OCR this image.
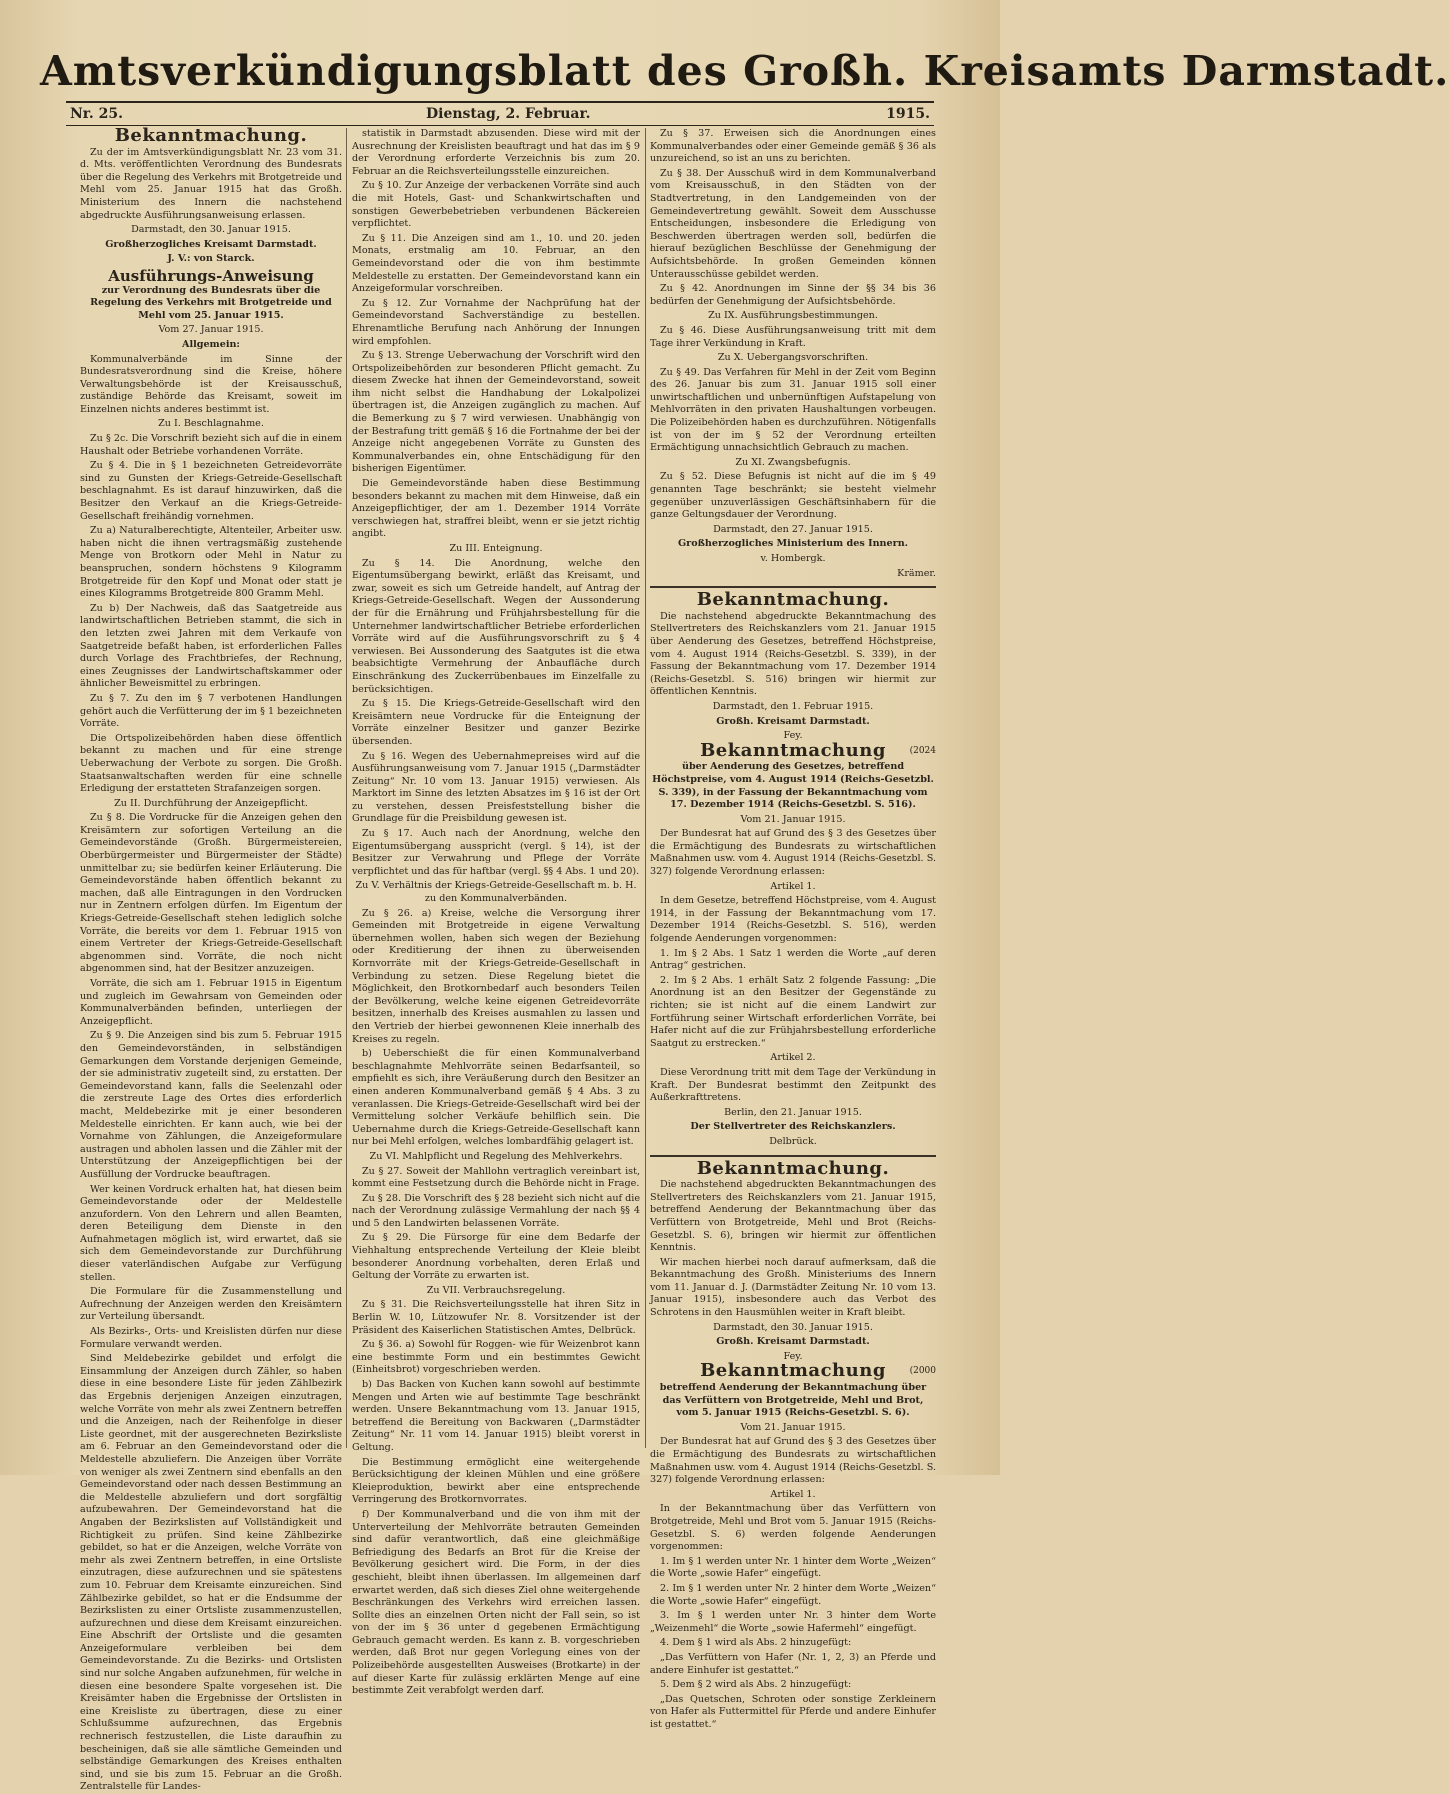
Amtsverkündigungsblatt des Großh. Kreisamts Darmstadt.
Nr. 25.	Dienstag, 2. Februar.	1915.
Bekanntmachung.

Zu der im Amtsverkündigungsblatt Nr. 23 vom 31. d. Mts. veröffentlichten Verordnung des Bundesrats über die Regelung des Verkehrs mit Brotgetreide und Mehl vom 25. Januar 1915 hat das Großh. Ministerium des Innern die nachstehend abgedruckte Ausführungsanweisung erlassen.

Darmstadt, den 30. Januar 1915.
Großherzogliches Kreisamt Darmstadt.
J. V.: von Starck.
Ausführungs-Anweisung
zur Verordnung des Bundesrats über die Regelung des Verkehrs mit Brotgetreide und Mehl vom 25. Januar 1915.
Vom 27. Januar 1915.
Allgemein:

Kommunalverbände im Sinne der Bundesratsverordnung sind die Kreise, höhere Verwaltungsbehörde ist der Kreisausschuß, zuständige Behörde das Kreisamt, soweit im Einzelnen nichts anderes bestimmt ist.

Zu I. Beschlagnahme.

Zu § 2c. Die Vorschrift bezieht sich auf die in einem Haushalt oder Betriebe vorhandenen Vorräte.

Zu § 4. Die in § 1 bezeichneten Getreidevorräte sind zu Gunsten der Kriegs-Getreide-Gesellschaft beschlagnahmt. Es ist darauf hinzuwirken, daß die Besitzer den Verkauf an die Kriegs-Getreide-Gesellschaft freihändig vornehmen.

Zu a) Naturalberechtigte, Altenteiler, Arbeiter usw. haben nicht die ihnen vertragsmäßig zustehende Menge von Brotkorn oder Mehl in Natur zu beanspruchen, sondern höchstens 9 Kilogramm Brotgetreide für den Kopf und Monat oder statt je eines Kilogramms Brotgetreide 800 Gramm Mehl.

Zu b) Der Nachweis, daß das Saatgetreide aus landwirtschaftlichen Betrieben stammt, die sich in den letzten zwei Jahren mit dem Verkaufe von Saatgetreide befaßt haben, ist erforderlichen Falles durch Vorlage des Frachtbriefes, der Rechnung, eines Zeugnisses der Landwirtschaftskammer oder ähnlicher Beweismittel zu erbringen.

Zu § 7. Zu den im § 7 verbotenen Handlungen gehört auch die Verfütterung der im § 1 bezeichneten Vorräte.

Die Ortspolizeibehörden haben diese öffentlich bekannt zu machen und für eine strenge Ueberwachung der Verbote zu sorgen. Die Großh. Staatsanwaltschaften werden für eine schnelle Erledigung der erstatteten Strafanzeigen sorgen.

Zu II. Durchführung der Anzeigepflicht.

Zu § 8. Die Vordrucke für die Anzeigen gehen den Kreisämtern zur sofortigen Verteilung an die Gemeindevorstände (Großh. Bürgermeistereien, Oberbürgermeister und Bürgermeister der Städte) unmittelbar zu; sie bedürfen keiner Erläuterung. Die Gemeindevorstände haben öffentlich bekannt zu machen, daß alle Eintragungen in den Vordrucken nur in Zentnern erfolgen dürfen. Im Eigentum der Kriegs-Getreide-Gesellschaft stehen lediglich solche Vorräte, die bereits vor dem 1. Februar 1915 von einem Vertreter der Kriegs-Getreide-Gesellschaft abgenommen sind. Vorräte, die noch nicht abgenommen sind, hat der Besitzer anzuzeigen.

Vorräte, die sich am 1. Februar 1915 in Eigentum und zugleich im Gewahrsam von Gemeinden oder Kommunalverbänden befinden, unterliegen der Anzeigepflicht.

Zu § 9. Die Anzeigen sind bis zum 5. Februar 1915 den Gemeindevorständen, in selbständigen Gemarkungen dem Vorstande derjenigen Gemeinde, der sie administrativ zugeteilt sind, zu erstatten. Der Gemeindevorstand kann, falls die Seelenzahl oder die zerstreute Lage des Ortes dies erforderlich macht, Meldebezirke mit je einer besonderen Meldestelle einrichten. Er kann auch, wie bei der Vornahme von Zählungen, die Anzeigeformulare austragen und abholen lassen und die Zähler mit der Unterstützung der Anzeigepflichtigen bei der Ausfüllung der Vordrucke beauftragen.

Wer keinen Vordruck erhalten hat, hat diesen beim Gemeindevorstande oder der Meldestelle anzufordern. Von den Lehrern und allen Beamten, deren Beteiligung dem Dienste in den Aufnahmetagen möglich ist, wird erwartet, daß sie sich dem Gemeindevorstande zur Durchführung dieser vaterländischen Aufgabe zur Verfügung stellen.

Die Formulare für die Zusammenstellung und Aufrechnung der Anzeigen werden den Kreisämtern zur Verteilung übersandt.

Als Bezirks-, Orts- und Kreislisten dürfen nur diese Formulare verwandt werden.

Sind Meldebezirke gebildet und erfolgt die Einsammlung der Anzeigen durch Zähler, so haben diese in eine besondere Liste für jeden Zählbezirk das Ergebnis derjenigen Anzeigen einzutragen, welche Vorräte von mehr als zwei Zentnern betreffen und die Anzeigen, nach der Reihenfolge in dieser Liste geordnet, mit der ausgerechneten Bezirksliste am 6. Februar an den Gemeindevorstand oder die Meldestelle abzuliefern. Die Anzeigen über Vorräte von weniger als zwei Zentnern sind ebenfalls an den Gemeindevorstand oder nach dessen Bestimmung an die Meldestelle abzuliefern und dort sorgfältig aufzubewahren. Der Gemeindevorstand hat die Angaben der Bezirkslisten auf Vollständigkeit und Richtigkeit zu prüfen. Sind keine Zählbezirke gebildet, so hat er die Anzeigen, welche Vorräte von mehr als zwei Zentnern betreffen, in eine Ortsliste einzutragen, diese aufzurechnen und sie spätestens zum 10. Februar dem Kreisamte einzureichen. Sind Zählbezirke gebildet, so hat er die Endsumme der Bezirkslisten zu einer Ortsliste zusammenzustellen, aufzurechnen und diese dem Kreisamt einzureichen. Eine Abschrift der Ortsliste und die gesamten Anzeigeformulare verbleiben bei dem Gemeindevorstande. Zu die Bezirks- und Ortslisten sind nur solche Angaben aufzunehmen, für welche in diesen eine besondere Spalte vorgesehen ist. Die Kreisämter haben die Ergebnisse der Ortslisten in eine Kreisliste zu übertragen, diese zu einer Schlußsumme aufzurechnen, das Ergebnis rechnerisch festzustellen, die Liste daraufhin zu bescheinigen, daß sie alle sämtliche Gemeinden und selbständige Gemarkungen des Kreises enthalten sind, und sie bis zum 15. Februar an die Großh. Zentralstelle für Landes-

statistik in Darmstadt abzusenden. Diese wird mit der Ausrechnung der Kreislisten beauftragt und hat das im § 9 der Verordnung erforderte Verzeichnis bis zum 20. Februar an die Reichsverteilungsstelle einzureichen.

Zu § 10. Zur Anzeige der verbackenen Vorräte sind auch die mit Hotels, Gast- und Schankwirtschaften und sonstigen Gewerbebetrieben verbundenen Bäckereien verpflichtet.

Zu § 11. Die Anzeigen sind am 1., 10. und 20. jeden Monats, erstmalig am 10. Februar, an den Gemeindevorstand oder die von ihm bestimmte Meldestelle zu erstatten. Der Gemeindevorstand kann ein Anzeigeformular vorschreiben.

Zu § 12. Zur Vornahme der Nachprüfung hat der Gemeindevorstand Sachverständige zu bestellen. Ehrenamtliche Berufung nach Anhörung der Innungen wird empfohlen.

Zu § 13. Strenge Ueberwachung der Vorschrift wird den Ortspolizeibehörden zur besonderen Pflicht gemacht. Zu diesem Zwecke hat ihnen der Gemeindevorstand, soweit ihm nicht selbst die Handhabung der Lokalpolizei übertragen ist, die Anzeigen zugänglich zu machen. Auf die Bemerkung zu § 7 wird verwiesen. Unabhängig von der Bestrafung tritt gemäß § 16 die Fortnahme der bei der Anzeige nicht angegebenen Vorräte zu Gunsten des Kommunalverbandes ein, ohne Entschädigung für den bisherigen Eigentümer.

Die Gemeindevorstände haben diese Bestimmung besonders bekannt zu machen mit dem Hinweise, daß ein Anzeigepflichtiger, der am 1. Dezember 1914 Vorräte verschwiegen hat, straffrei bleibt, wenn er sie jetzt richtig angibt.

Zu III. Enteignung.

Zu § 14. Die Anordnung, welche den Eigentumsübergang bewirkt, erläßt das Kreisamt, und zwar, soweit es sich um Getreide handelt, auf Antrag der Kriegs-Getreide-Gesellschaft. Wegen der Aussonderung der für die Ernährung und Frühjahrsbestellung für die Unternehmer landwirtschaftlicher Betriebe erforderlichen Vorräte wird auf die Ausführungsvorschrift zu § 4 verwiesen. Bei Aussonderung des Saatgutes ist die etwa beabsichtigte Vermehrung der Anbaufläche durch Einschränkung des Zuckerrübenbaues im Einzelfalle zu berücksichtigen.

Zu § 15. Die Kriegs-Getreide-Gesellschaft wird den Kreisämtern neue Vordrucke für die Enteignung der Vorräte einzelner Besitzer und ganzer Bezirke übersenden.

Zu § 16. Wegen des Uebernahmepreises wird auf die Ausführungsanweisung vom 7. Januar 1915 („Darmstädter Zeitung“ Nr. 10 vom 13. Januar 1915) verwiesen. Als Marktort im Sinne des letzten Absatzes im § 16 ist der Ort zu verstehen, dessen Preisfeststellung bisher die Grundlage für die Preisbildung gewesen ist.

Zu § 17. Auch nach der Anordnung, welche den Eigentumsübergang ausspricht (vergl. § 14), ist der Besitzer zur Verwahrung und Pflege der Vorräte verpflichtet und das für haftbar (vergl. §§ 4 Abs. 1 und 20).

Zu V. Verhältnis der Kriegs-Getreide-Gesellschaft m. b. H. zu den Kommunalverbänden.

Zu § 26. a) Kreise, welche die Versorgung ihrer Gemeinden mit Brotgetreide in eigene Verwaltung übernehmen wollen, haben sich wegen der Beziehung oder Kreditierung der ihnen zu überweisenden Kornvorräte mit der Kriegs-Getreide-Gesellschaft in Verbindung zu setzen. Diese Regelung bietet die Möglichkeit, den Brotkornbedarf auch besonders Teilen der Bevölkerung, welche keine eigenen Getreidevorräte besitzen, innerhalb des Kreises ausmahlen zu lassen und den Vertrieb der hierbei gewonnenen Kleie innerhalb des Kreises zu regeln.

b) Ueberschießt die für einen Kommunalverband beschlagnahmte Mehlvorräte seinen Bedarfsanteil, so empfiehlt es sich, ihre Veräußerung durch den Besitzer an einen anderen Kommunalverband gemäß § 4 Abs. 3 zu veranlassen. Die Kriegs-Getreide-Gesellschaft wird bei der Vermittelung solcher Verkäufe behilflich sein. Die Uebernahme durch die Kriegs-Getreide-Gesellschaft kann nur bei Mehl erfolgen, welches lombardfähig gelagert ist.

Zu VI. Mahlpflicht und Regelung des Mehlverkehrs.

Zu § 27. Soweit der Mahllohn vertraglich vereinbart ist, kommt eine Festsetzung durch die Behörde nicht in Frage.

Zu § 28. Die Vorschrift des § 28 bezieht sich nicht auf die nach der Verordnung zulässige Vermahlung der nach §§ 4 und 5 den Landwirten belassenen Vorräte.

Zu § 29. Die Fürsorge für eine dem Bedarfe der Viehhaltung entsprechende Verteilung der Kleie bleibt besonderer Anordnung vorbehalten, deren Erlaß und Geltung der Vorräte zu erwarten ist.

Zu VII. Verbrauchsregelung.

Zu § 31. Die Reichsverteilungsstelle hat ihren Sitz in Berlin W. 10, Lützowufer Nr. 8. Vorsitzender ist der Präsident des Kaiserlichen Statistischen Amtes, Delbrück.

Zu § 36. a) Sowohl für Roggen- wie für Weizenbrot kann eine bestimmte Form und ein bestimmtes Gewicht (Einheitsbrot) vorgeschrieben werden.

b) Das Backen von Kuchen kann sowohl auf bestimmte Mengen und Arten wie auf bestimmte Tage beschränkt werden. Unsere Bekanntmachung vom 13. Januar 1915, betreffend die Bereitung von Backwaren („Darmstädter Zeitung“ Nr. 11 vom 14. Januar 1915) bleibt vorerst in Geltung.

Die Bestimmung ermöglicht eine weitergehende Berücksichtigung der kleinen Mühlen und eine größere Kleieproduktion, bewirkt aber eine entsprechende Verringerung des Brotkornvorrates.

f) Der Kommunalverband und die von ihm mit der Unterverteilung der Mehlvorräte betrauten Gemeinden sind dafür verantwortlich, daß eine gleichmäßige Befriedigung des Bedarfs an Brot für die Kreise der Bevölkerung gesichert wird. Die Form, in der dies geschieht, bleibt ihnen überlassen. Im allgemeinen darf erwartet werden, daß sich dieses Ziel ohne weitergehende Beschränkungen des Verkehrs wird erreichen lassen. Sollte dies an einzelnen Orten nicht der Fall sein, so ist von der im § 36 unter d gegebenen Ermächtigung Gebrauch gemacht werden. Es kann z. B. vorgeschrieben werden, daß Brot nur gegen Vorlegung eines von der Polizeibehörde ausgestellten Ausweises (Brotkarte) in der auf dieser Karte für zulässig erklärten Menge auf eine bestimmte Zeit verabfolgt werden darf.

Zu § 37. Erweisen sich die Anordnungen eines Kommunalverbandes oder einer Gemeinde gemäß § 36 als unzureichend, so ist an uns zu berichten.

Zu § 38. Der Ausschuß wird in dem Kommunalverband vom Kreisausschuß, in den Städten von der Stadtvertretung, in den Landgemeinden von der Gemeindevertretung gewählt. Soweit dem Ausschusse Entscheidungen, insbesondere die Erledigung von Beschwerden übertragen werden soll, bedürfen die hierauf bezüglichen Beschlüsse der Genehmigung der Aufsichtsbehörde. In großen Gemeinden können Unterausschüsse gebildet werden.

Zu § 42. Anordnungen im Sinne der §§ 34 bis 36 bedürfen der Genehmigung der Aufsichtsbehörde.

Zu IX. Ausführungsbestimmungen.

Zu § 46. Diese Ausführungsanweisung tritt mit dem Tage ihrer Verkündung in Kraft.

Zu X. Uebergangsvorschriften.

Zu § 49. Das Verfahren für Mehl in der Zeit vom Beginn des 26. Januar bis zum 31. Januar 1915 soll einer unwirtschaftlichen und unbernünftigen Aufstapelung von Mehlvorräten in den privaten Haushaltungen vorbeugen. Die Polizeibehörden haben es durchzuführen. Nötigenfalls ist von der im § 52 der Verordnung erteilten Ermächtigung unnachsichtlich Gebrauch zu machen.

Zu XI. Zwangsbefugnis.

Zu § 52. Diese Befugnis ist nicht auf die im § 49 genannten Tage beschränkt; sie besteht vielmehr gegenüber unzuverlässigen Geschäftsinhabern für die ganze Geltungsdauer der Verordnung.

Darmstadt, den 27. Januar 1915.
Großherzogliches Ministerium des Innern.
v. Hombergk.
Krämer.
Bekanntmachung.

Die nachstehend abgedruckte Bekanntmachung des Stellvertreters des Reichskanzlers vom 21. Januar 1915 über Aenderung des Gesetzes, betreffend Höchstpreise, vom 4. August 1914 (Reichs-Gesetzbl. S. 339), in der Fassung der Bekanntmachung vom 17. Dezember 1914 (Reichs-Gesetzbl. S. 516) bringen wir hiermit zur öffentlichen Kenntnis.

Darmstadt, den 1. Februar 1915.
Großh. Kreisamt Darmstadt.
Fey.
Bekanntmachung	(2024
über Aenderung des Gesetzes, betreffend Höchstpreise, vom 4. August 1914 (Reichs-Gesetzbl. S. 339), in der Fassung der Bekanntmachung vom 17. Dezember 1914 (Reichs-Gesetzbl. S. 516).
Vom 21. Januar 1915.

Der Bundesrat hat auf Grund des § 3 des Gesetzes über die Ermächtigung des Bundesrats zu wirtschaftlichen Maßnahmen usw. vom 4. August 1914 (Reichs-Gesetzbl. S. 327) folgende Verordnung erlassen:

Artikel 1.

In dem Gesetze, betreffend Höchstpreise, vom 4. August 1914, in der Fassung der Bekanntmachung vom 17. Dezember 1914 (Reichs-Gesetzbl. S. 516), werden folgende Aenderungen vorgenommen:

1. Im § 2 Abs. 1 Satz 1 werden die Worte „auf deren Antrag“ gestrichen.

2. Im § 2 Abs. 1 erhält Satz 2 folgende Fassung: „Die Anordnung ist an den Besitzer der Gegenstände zu richten; sie ist nicht auf die einem Landwirt zur Fortführung seiner Wirtschaft erforderlichen Vorräte, bei Hafer nicht auf die zur Frühjahrsbestellung erforderliche Saatgut zu erstrecken.“

Artikel 2.

Diese Verordnung tritt mit dem Tage der Verkündung in Kraft. Der Bundesrat bestimmt den Zeitpunkt des Außerkrafttretens.

Berlin, den 21. Januar 1915.
Der Stellvertreter des Reichskanzlers.
Delbrück.
Bekanntmachung.

Die nachstehend abgedruckten Bekanntmachungen des Stellvertreters des Reichskanzlers vom 21. Januar 1915, betreffend Aenderung der Bekanntmachung über das Verfüttern von Brotgetreide, Mehl und Brot (Reichs-Gesetzbl. S. 6), bringen wir hiermit zur öffentlichen Kenntnis.

Wir machen hierbei noch darauf aufmerksam, daß die Bekanntmachung des Großh. Ministeriums des Innern vom 11. Januar d. J. (Darmstädter Zeitung Nr. 10 vom 13. Januar 1915), insbesondere auch das Verbot des Schrotens in den Hausmühlen weiter in Kraft bleibt.

Darmstadt, den 30. Januar 1915.
Großh. Kreisamt Darmstadt.
Fey.
Bekanntmachung	(2000
betreffend Aenderung der Bekanntmachung über das Verfüttern von Brotgetreide, Mehl und Brot, vom 5. Januar 1915 (Reichs-Gesetzbl. S. 6).
Vom 21. Januar 1915.

Der Bundesrat hat auf Grund des § 3 des Gesetzes über die Ermächtigung des Bundesrats zu wirtschaftlichen Maßnahmen usw. vom 4. August 1914 (Reichs-Gesetzbl. S. 327) folgende Verordnung erlassen:

Artikel 1.

In der Bekanntmachung über das Verfüttern von Brotgetreide, Mehl und Brot vom 5. Januar 1915 (Reichs-Gesetzbl. S. 6) werden folgende Aenderungen vorgenommen:

1. Im § 1 werden unter Nr. 1 hinter dem Worte „Weizen“ die Worte „sowie Hafer“ eingefügt.

2. Im § 1 werden unter Nr. 2 hinter dem Worte „Weizen“ die Worte „sowie Hafer“ eingefügt.

3. Im § 1 werden unter Nr. 3 hinter dem Worte „Weizenmehl“ die Worte „sowie Hafermehl“ eingefügt.

4. Dem § 1 wird als Abs. 2 hinzugefügt:

„Das Verfüttern von Hafer (Nr. 1, 2, 3) an Pferde und andere Einhufer ist gestattet.“

5. Dem § 2 wird als Abs. 2 hinzugefügt:

„Das Quetschen, Schroten oder sonstige Zerkleinern von Hafer als Futtermittel für Pferde und andere Einhufer ist gestattet.“
